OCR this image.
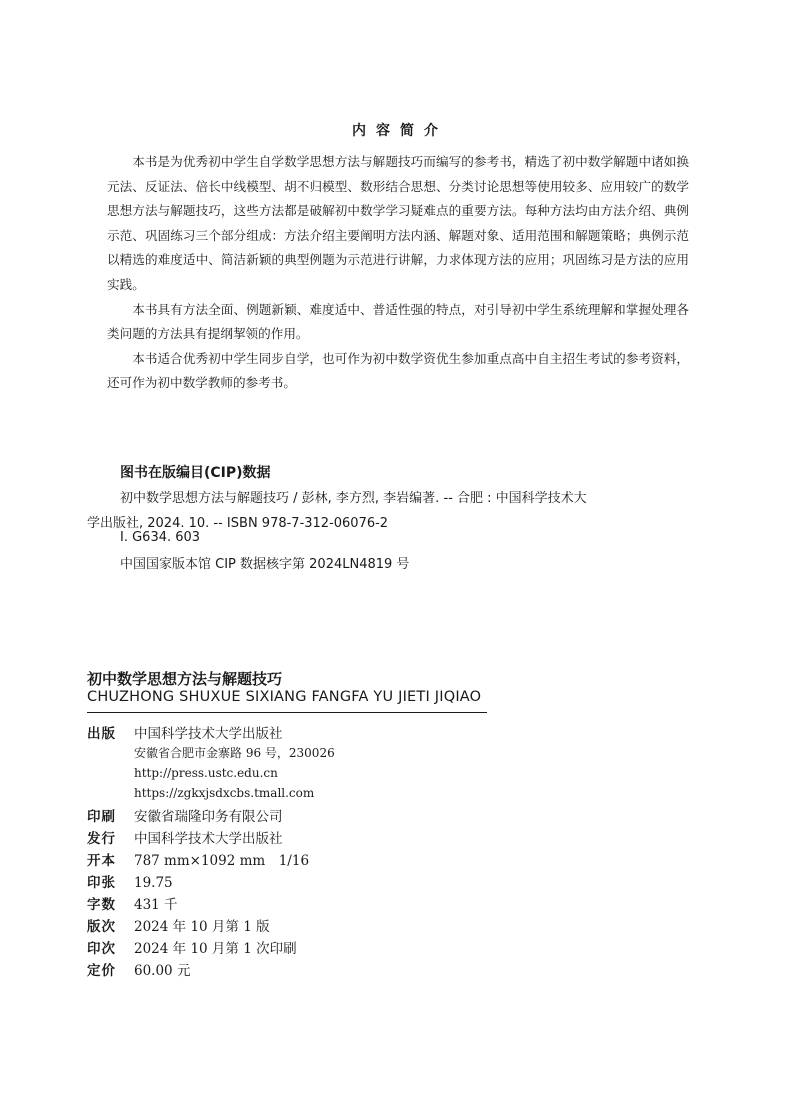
内容简介

本书是为优秀初中学生自学数学思想方法与解题技巧而编写的参考书，精选了初中数学解题中诸如换元法、反证法、倍长中线模型、胡不归模型、数形结合思想、分类讨论思想等使用较多、应用较广的数学思想方法与解题技巧，这些方法都是破解初中数学学习疑难点的重要方法。每种方法均由方法介绍、典例示范、巩固练习三个部分组成：方法介绍主要阐明方法内涵、解题对象、适用范围和解题策略；典例示范以精选的难度适中、简洁新颖的典型例题为示范进行讲解，力求体现方法的应用；巩固练习是方法的应用实践。

本书具有方法全面、例题新颖、难度适中、普适性强的特点，对引导初中学生系统理解和掌握处理各类问题的方法具有提纲挈领的作用。

本书适合优秀初中学生同步自学，也可作为初中数学资优生参加重点高中自主招生考试的参考资料，还可作为初中数学教师的参考书。

图书在版编目(CIP)数据
初中数学思想方法与解题技巧 / 彭林, 李方烈, 李岩编著. -- 合肥 : 中国科学技术大
学出版社, 2024. 10. -- ISBN 978-7-312-06076-2
Ⅰ. G634. 603
中国国家版本馆 CIP 数据核字第 2024LN4819 号
初中数学思想方法与解题技巧
CHUZHONG SHUXUE SIXIANG FANGFA YU JIETI JIQIAO
出版	中国科学技术大学出版社
安徽省合肥市金寨路 96 号，230026
http://press.ustc.edu.cn
https://zgkxjsdxcbs.tmall.com
印刷	安徽省瑞隆印务有限公司
发行	中国科学技术大学出版社
开本	787 mm×1092 mm　1/16
印张	19.75
字数	431 千
版次	2024 年 10 月第 1 版
印次	2024 年 10 月第 1 次印刷
定价	60.00 元
